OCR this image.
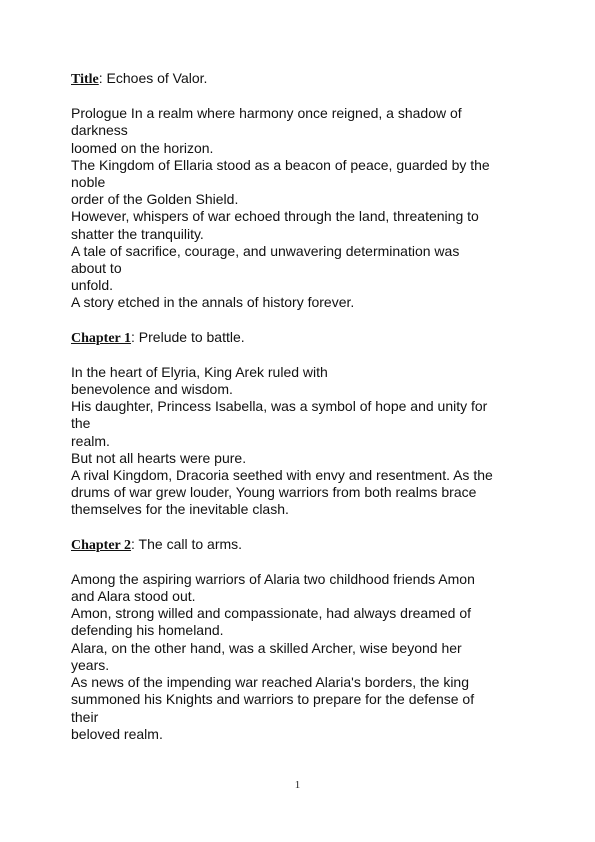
Title: Echoes of Valor.

Prologue In a realm where harmony once reigned, a shadow of

darkness

loomed on the horizon.

The Kingdom of Ellaria stood as a beacon of peace, guarded by the

noble

order of the Golden Shield.

However, whispers of war echoed through the land, threatening to

shatter the tranquility.

A tale of sacrifice, courage, and unwavering determination was

about to

unfold.

A story etched in the annals of history forever.

Chapter 1: Prelude to battle.

In the heart of Elyria, King Arek ruled with

benevolence and wisdom.

His daughter, Princess Isabella, was a symbol of hope and unity for

the

realm.

But not all hearts were pure.

A rival Kingdom, Dracoria seethed with envy and resentment. As the

drums of war grew louder, Young warriors from both realms brace

themselves for the inevitable clash.

Chapter 2: The call to arms.

Among the aspiring warriors of Alaria two childhood friends Amon

and Alara stood out.

Amon, strong willed and compassionate, had always dreamed of

defending his homeland.

Alara, on the other hand, was a skilled Archer, wise beyond her

years.

As news of the impending war reached Alaria's borders, the king

summoned his Knights and warriors to prepare for the defense of

their

beloved realm.

1
